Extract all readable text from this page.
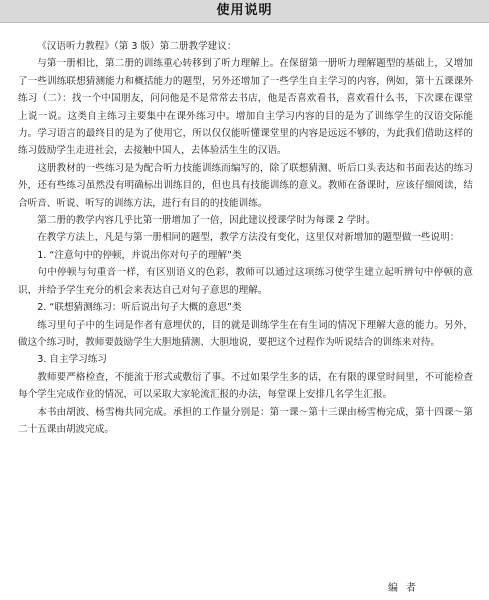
使用说明

《汉语听力教程》（第 3 版）第二册教学建议：

与第一册相比，第二册的训练重心转移到了听力理解上。在保留第一册听力理解题型的基础上，又增加了一些训练联想猜测能力和概括能力的题型，另外还增加了一些学生自主学习的内容，例如，第十五课课外练习（二）：找一个中国朋友，问问他是不是常常去书店，他是否喜欢看书，喜欢看什么书，下次课在课堂上说一说。这类自主练习主要集中在课外练习中。增加自主学习内容的目的是为了训练学生的汉语交际能力。学习语言的最终目的是为了使用它，所以仅仅能听懂课堂里的内容是远远不够的，为此我们借助这样的练习鼓励学生走进社会，去接触中国人，去体验活生生的汉语。

这册教材的一些练习是为配合听力技能训练而编写的，除了联想猜测、听后口头表达和书面表达的练习外，还有些练习虽然没有明确标出训练目的，但也具有技能训练的意义。教师在备课时，应该仔细阅读，结合听音、听说、听写的训练方法，进行有目的的技能训练。

第二册的教学内容几乎比第一册增加了一倍，因此建议授课学时为每课 2 学时。

在教学方法上，凡是与第一册相同的题型，教学方法没有变化，这里仅对新增加的题型做一些说明：

1. “注意句中的停顿，并说出你对句子的理解”类

句中停顿与句重音一样，有区别语义的色彩，教师可以通过这项练习使学生建立起听辨句中停顿的意识，并给予学生充分的机会来表达自己对句子意思的理解。

2. “联想猜测练习：听后说出句子大概的意思”类

练习里句子中的生词是作者有意埋伏的，目的就是训练学生在有生词的情况下理解大意的能力。另外，做这个练习时，教师要鼓励学生大胆地猜测、大胆地说，要把这个过程作为听说结合的训练来对待。

3. 自主学习练习

教师要严格检查，不能流于形式或敷衍了事。不过如果学生多的话，在有限的课堂时间里，不可能检查每个学生完成作业的情况，可以采取大家轮流汇报的办法，每堂课上安排几名学生汇报。

本书由胡波、杨雪梅共同完成。承担的工作量分别是：第一课～第十三课由杨雪梅完成，第十四课～第二十五课由胡波完成。

编者
